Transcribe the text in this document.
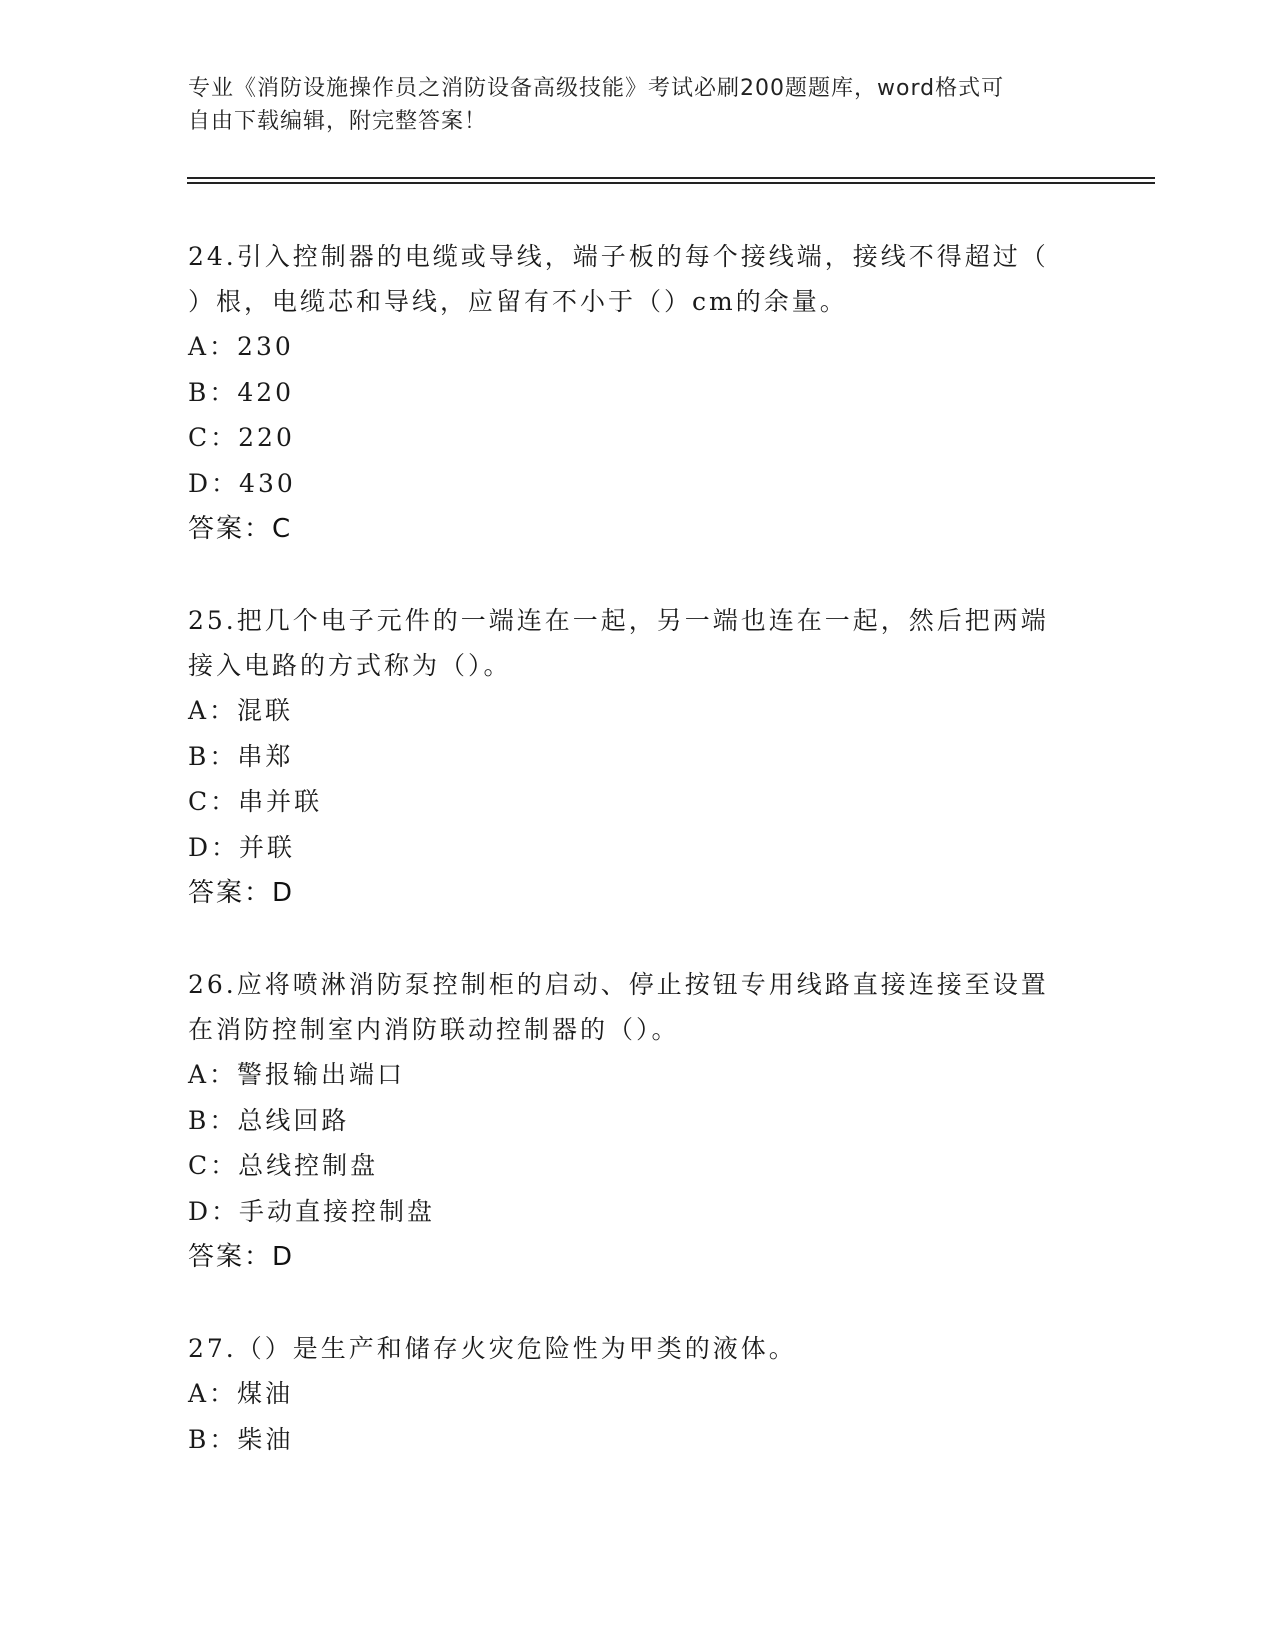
专业《消防设施操作员之消防设备高级技能》考试必刷200题题库，word格式可
自由下载编辑，附完整答案！
24.引入控制器的电缆或导线，端子板的每个接线端，接线不得超过（
）根，电缆芯和导线，应留有不小于（）cm的余量。
A：230
B：420
C：220
D：430
答案：C
25.把几个电子元件的一端连在一起，另一端也连在一起，然后把两端
接入电路的方式称为（）。
A：混联
B：串郑
C：串并联
D：并联
答案：D
26.应将喷淋消防泵控制柜的启动、停止按钮专用线路直接连接至设置
在消防控制室内消防联动控制器的（）。
A：警报输出端口
B：总线回路
C：总线控制盘
D：手动直接控制盘
答案：D
27.（）是生产和储存火灾危险性为甲类的液体。
A：煤油
B：柴油
